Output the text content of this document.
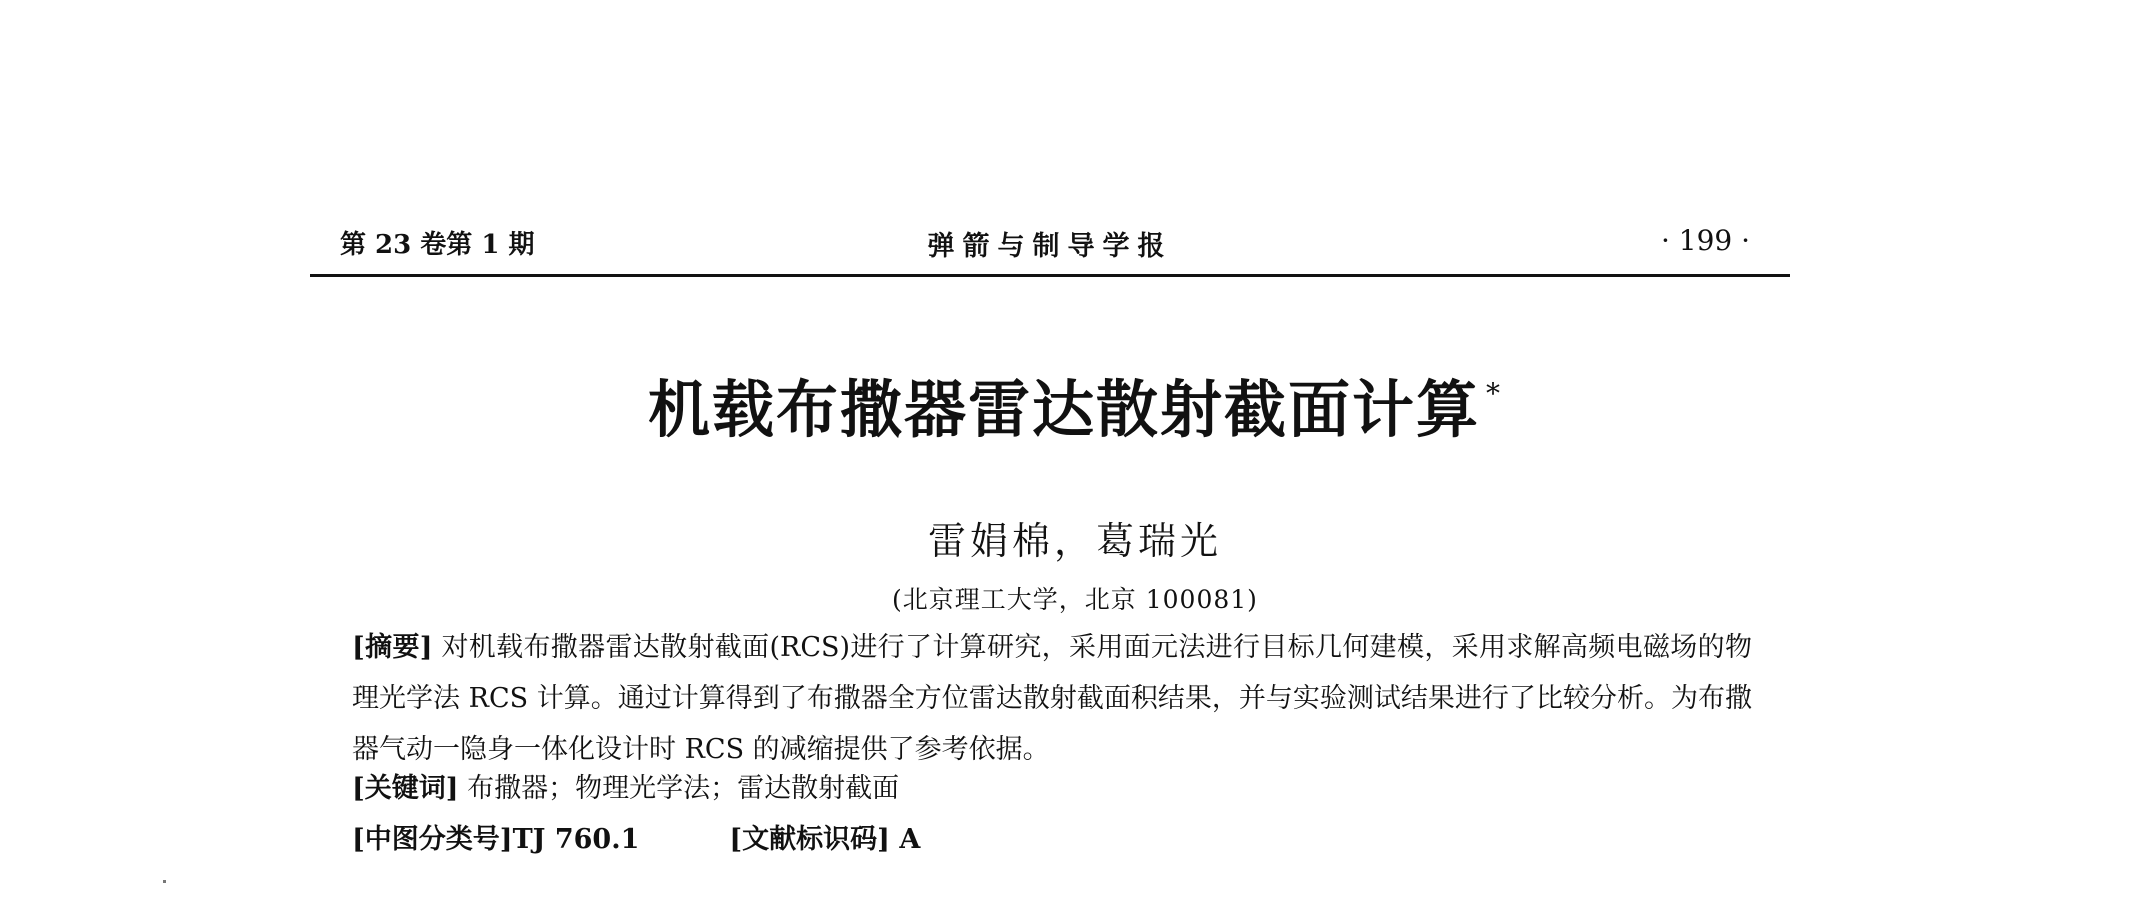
第 23 卷第 1 期	弹箭与制导学报	· 199 ·
机载布撒器雷达散射截面计算 *
雷娟棉，葛瑞光
(北京理工大学，北京 100081)
[摘要] 对机载布撒器雷达散射截面(RCS)进行了计算研究，采用面元法进行目标几何建模，采用求解高频电磁场的物理光学法 RCS 计算。通过计算得到了布撒器全方位雷达散射截面积结果，并与实验测试结果进行了比较分析。为布撒器气动一隐身一体化设计时 RCS 的减缩提供了参考依据。
[关键词] 布撒器；物理光学法；雷达散射截面
[中图分类号]TJ 760.1	[文献标识码] A
